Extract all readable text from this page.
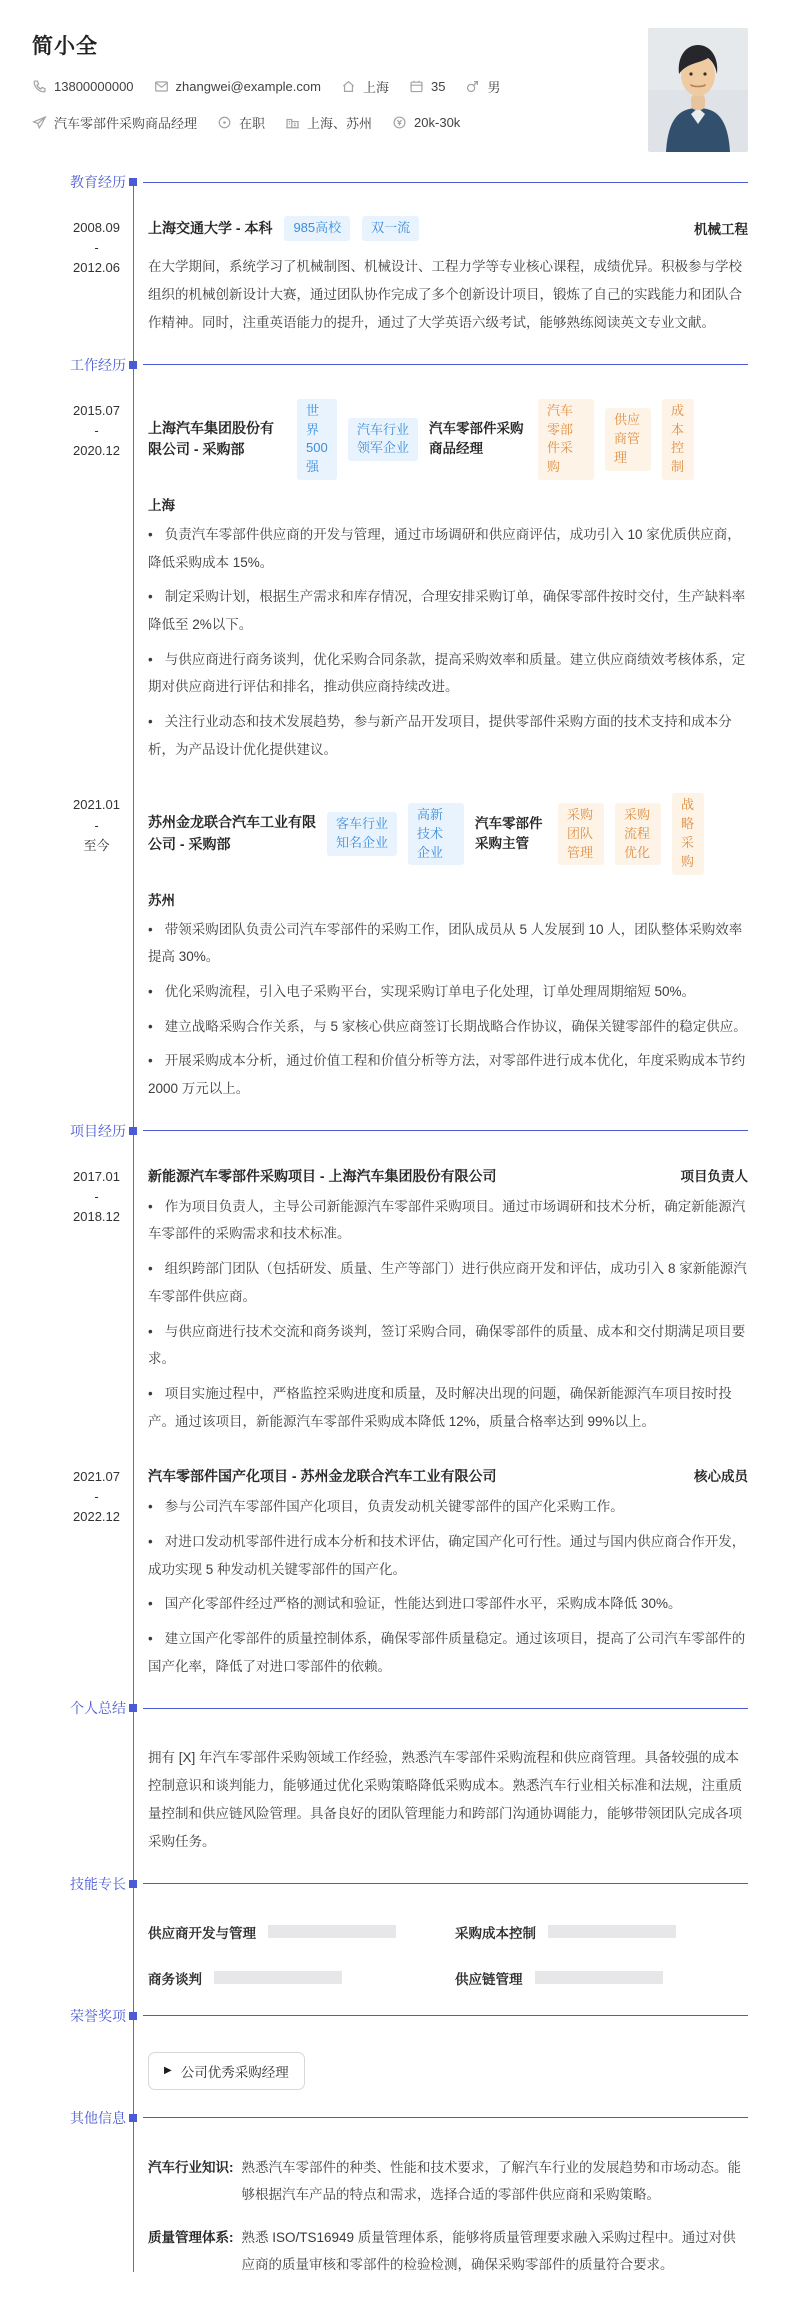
简小全
13800000000	zhangwei@example.com	上海	35	男
汽车零部件采购商品经理	在职	上海、苏州	20k-30k
教育经历
2008.09
-
2012.06
上海交通大学 - 本科	985高校	双一流	机械工程
在大学期间，系统学习了机械制图、机械设计、工程力学等专业核心课程，成绩优异。积极参与学校组织的机械创新设计大赛，通过团队协作完成了多个创新设计项目，锻炼了自己的实践能力和团队合作精神。同时，注重英语能力的提升，通过了大学英语六级考试，能够熟练阅读英文专业文献。
工作经历
2015.07
-
2020.12
上海汽车集团股份有限公司 - 采购部
世界500强
汽车行业领军企业
汽车零部件采购商品经理
汽车零部件采购
供应商管理
成本控制
上海
• 负责汽车零部件供应商的开发与管理，通过市场调研和供应商评估，成功引入 10 家优质供应商，降低采购成本 15%。
• 制定采购计划，根据生产需求和库存情况，合理安排采购订单，确保零部件按时交付，生产缺料率降低至 2%以下。
• 与供应商进行商务谈判，优化采购合同条款，提高采购效率和质量。建立供应商绩效考核体系，定期对供应商进行评估和排名，推动供应商持续改进。
• 关注行业动态和技术发展趋势，参与新产品开发项目，提供零部件采购方面的技术支持和成本分析，为产品设计优化提供建议。
2021.01
-
至今
苏州金龙联合汽车工业有限公司 - 采购部
客车行业知名企业
高新技术企业
汽车零部件采购主管
采购团队管理
采购流程优化
战略采购
苏州
• 带领采购团队负责公司汽车零部件的采购工作，团队成员从 5 人发展到 10 人，团队整体采购效率提高 30%。
• 优化采购流程，引入电子采购平台，实现采购订单电子化处理，订单处理周期缩短 50%。
• 建立战略采购合作关系，与 5 家核心供应商签订长期战略合作协议，确保关键零部件的稳定供应。
• 开展采购成本分析，通过价值工程和价值分析等方法，对零部件进行成本优化，年度采购成本节约 2000 万元以上。
项目经历
2017.01
-
2018.12
新能源汽车零部件采购项目 - 上海汽车集团股份有限公司	项目负责人
• 作为项目负责人，主导公司新能源汽车零部件采购项目。通过市场调研和技术分析，确定新能源汽车零部件的采购需求和技术标准。
• 组织跨部门团队（包括研发、质量、生产等部门）进行供应商开发和评估，成功引入 8 家新能源汽车零部件供应商。
• 与供应商进行技术交流和商务谈判，签订采购合同，确保零部件的质量、成本和交付期满足项目要求。
• 项目实施过程中，严格监控采购进度和质量，及时解决出现的问题，确保新能源汽车项目按时投产。通过该项目，新能源汽车零部件采购成本降低 12%，质量合格率达到 99%以上。
2021.07
-
2022.12
汽车零部件国产化项目 - 苏州金龙联合汽车工业有限公司	核心成员
• 参与公司汽车零部件国产化项目，负责发动机关键零部件的国产化采购工作。
• 对进口发动机零部件进行成本分析和技术评估，确定国产化可行性。通过与国内供应商合作开发，成功实现 5 种发动机关键零部件的国产化。
• 国产化零部件经过严格的测试和验证，性能达到进口零部件水平，采购成本降低 30%。
• 建立国产化零部件的质量控制体系，确保零部件质量稳定。通过该项目，提高了公司汽车零部件的国产化率，降低了对进口零部件的依赖。
个人总结
拥有 [X] 年汽车零部件采购领域工作经验，熟悉汽车零部件采购流程和供应商管理。具备较强的成本控制意识和谈判能力，能够通过优化采购策略降低采购成本。熟悉汽车行业相关标准和法规，注重质量控制和供应链风险管理。具备良好的团队管理能力和跨部门沟通协调能力，能够带领团队完成各项采购任务。
技能专长
供应商开发与管理	采购成本控制
商务谈判	供应链管理
荣誉奖项
▶ 公司优秀采购经理
其他信息
汽车行业知识: 熟悉汽车零部件的种类、性能和技术要求，了解汽车行业的发展趋势和市场动态。能够根据汽车产品的特点和需求，选择合适的零部件供应商和采购策略。
质量管理体系: 熟悉 ISO/TS16949 质量管理体系，能够将质量管理要求融入采购过程中。通过对供应商的质量审核和零部件的检验检测，确保采购零部件的质量符合要求。
